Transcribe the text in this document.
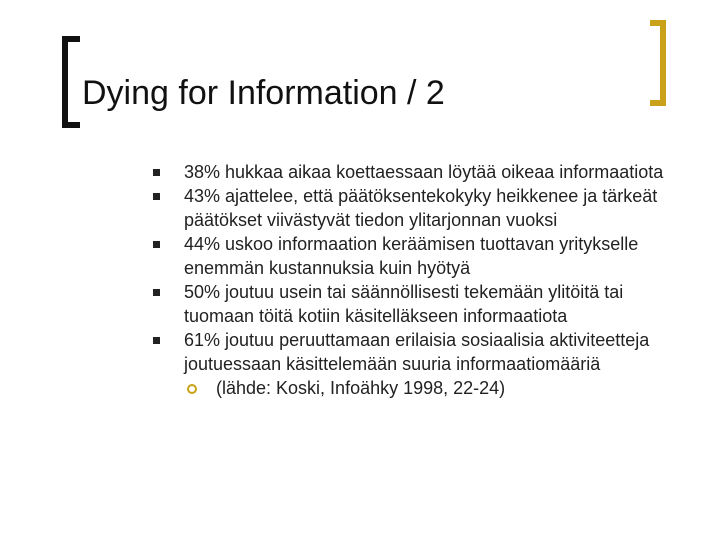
Dying for Information / 2
38% hukkaa aikaa koettaessaan löytää oikeaa informaatiota
43% ajattelee, että päätöksentekokyky heikkenee ja tärkeät päätökset viivästyvät tiedon ylitarjonnan vuoksi
44% uskoo informaation keräämisen tuottavan yritykselle enemmän kustannuksia kuin hyötyä
50% joutuu usein tai säännöllisesti tekemään ylitöitä tai tuomaan töitä kotiin käsitelläkseen informaatiota
61% joutuu peruuttamaan erilaisia sosiaalisia aktiviteetteja joutuessaan käsittelemään suuria informaatiomääriä
(lähde: Koski, Infoähky 1998, 22-24)
